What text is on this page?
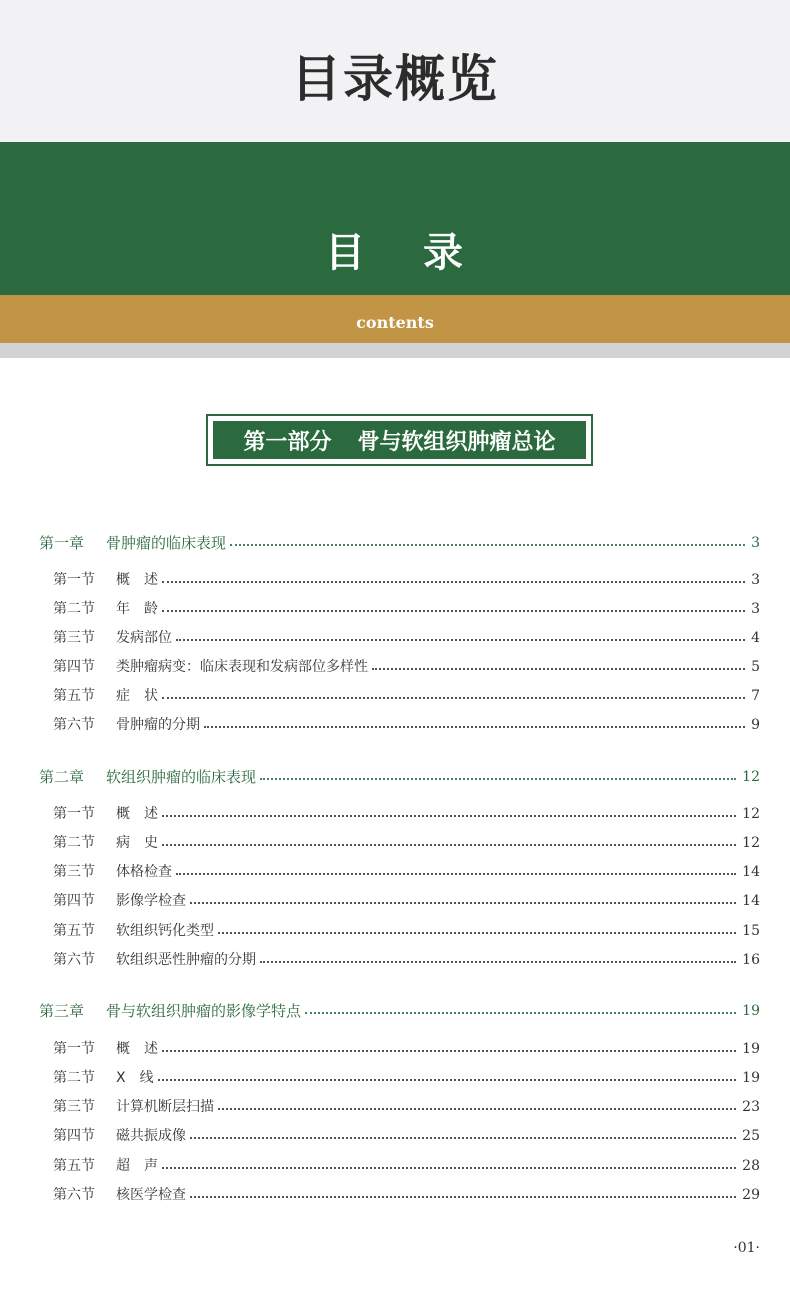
目录概览
目 录
contents
第一部分 骨与软组织肿瘤总论
第一章	骨肿瘤的临床表现	3
第一节	概　述	3
第二节	年　龄	3
第三节	发病部位	4
第四节	类肿瘤病变：临床表现和发病部位多样性	5
第五节	症　状	7
第六节	骨肿瘤的分期	9
第二章	软组织肿瘤的临床表现	12
第一节	概　述	12
第二节	病　史	12
第三节	体格检查	14
第四节	影像学检查	14
第五节	软组织钙化类型	15
第六节	软组织恶性肿瘤的分期	16
第三章	骨与软组织肿瘤的影像学特点	19
第一节	概　述	19
第二节	X　线	19
第三节	计算机断层扫描	23
第四节	磁共振成像	25
第五节	超　声	28
第六节	核医学检查	29
·01·
